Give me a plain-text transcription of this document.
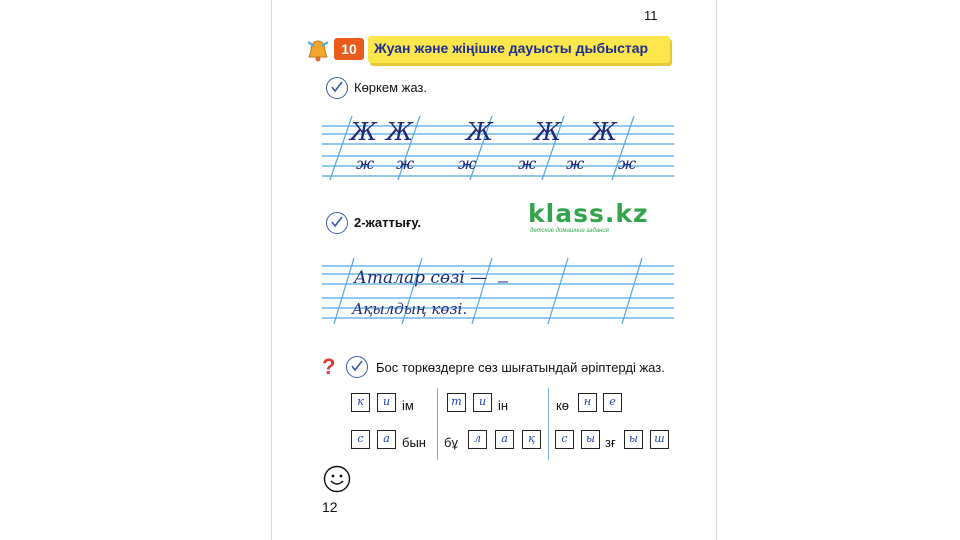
11
10	Жуан және жіңішке дауысты дыбыстар
Көркем жаз.
Ж Ж Ж Ж Ж
ж ж	ж	ж ж ж
2-жаттығу.	klass.kz
детские домашние задания
Аталар сөзі —
Ақылдың көзі.
?	Бос торкөздерге сөз шығатындай әріптерді жаз.
к	и ім	т	и ін	кө	н	е
с	а бын бұ	л	а	қ	с	ы зғ	ы	ш
12
